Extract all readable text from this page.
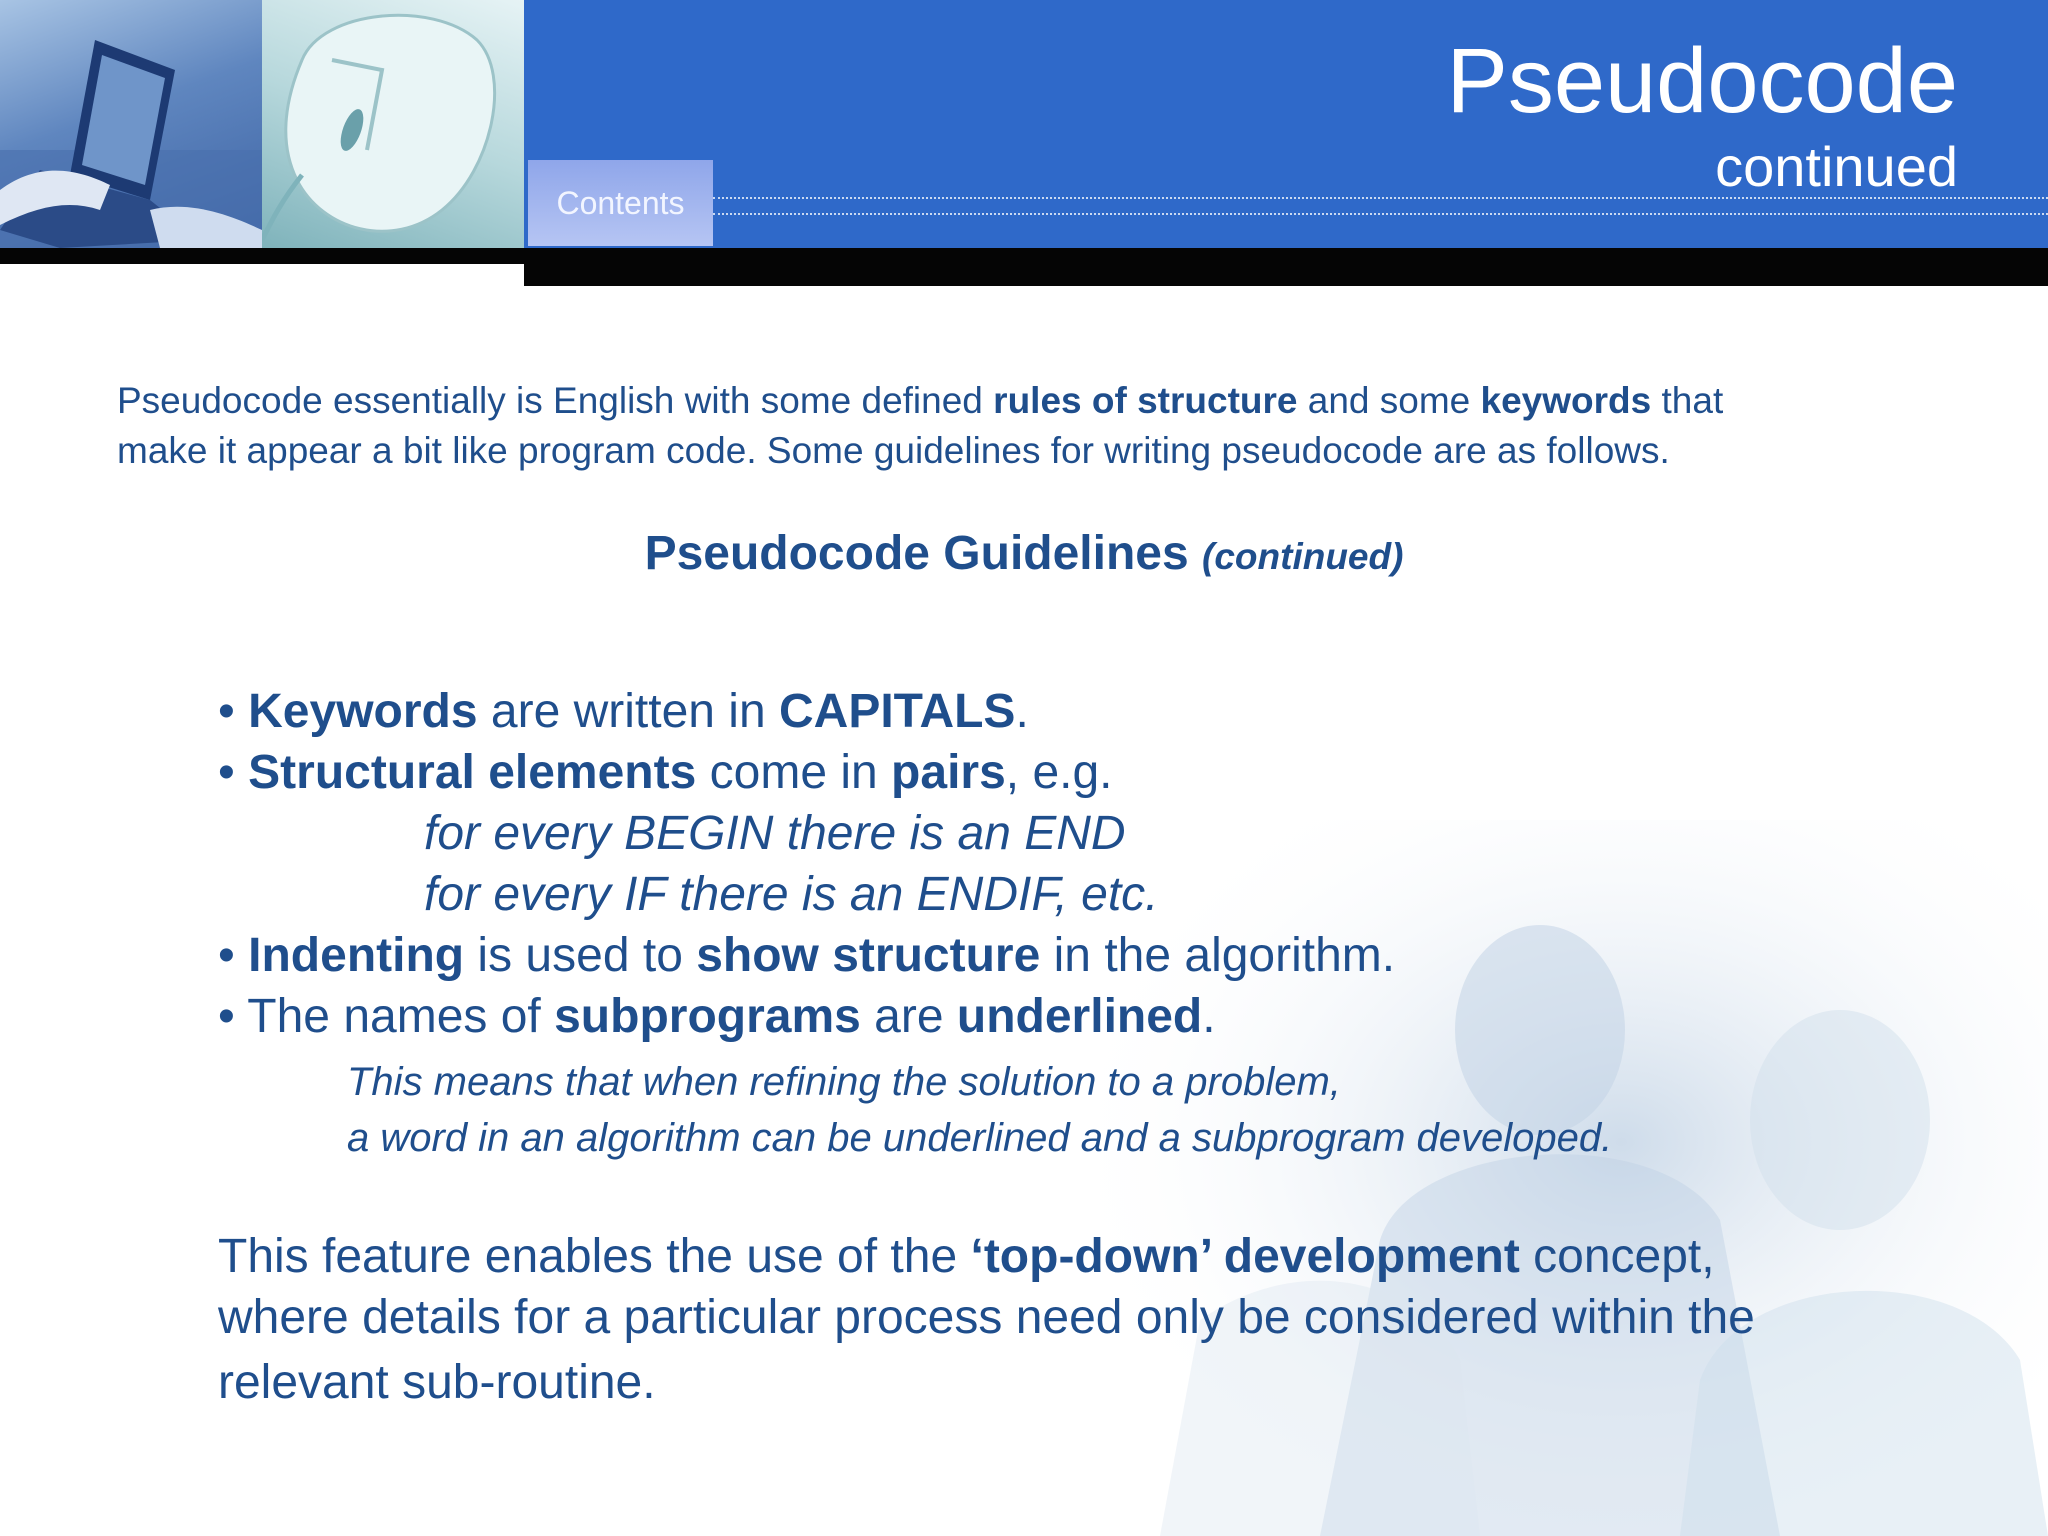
Contents
Pseudocode
continued
Pseudocode essentially is English with some defined rules of structure and some keywords that
make it appear a bit like program code. Some guidelines for writing pseudocode are as follows.
Pseudocode Guidelines (continued)
• Keywords are written in CAPITALS.
• Structural elements come in pairs, e.g.
for every BEGIN there is an END
for every IF there is an ENDIF, etc.
• Indenting is used to show structure in the algorithm.
• The names of subprograms are underlined.
This means that when refining the solution to a problem,
a word in an algorithm can be underlined and a subprogram developed.
This feature enables the use of the ‘top-down’ development concept,
where details for a particular process need only be considered within the
relevant sub-routine.
